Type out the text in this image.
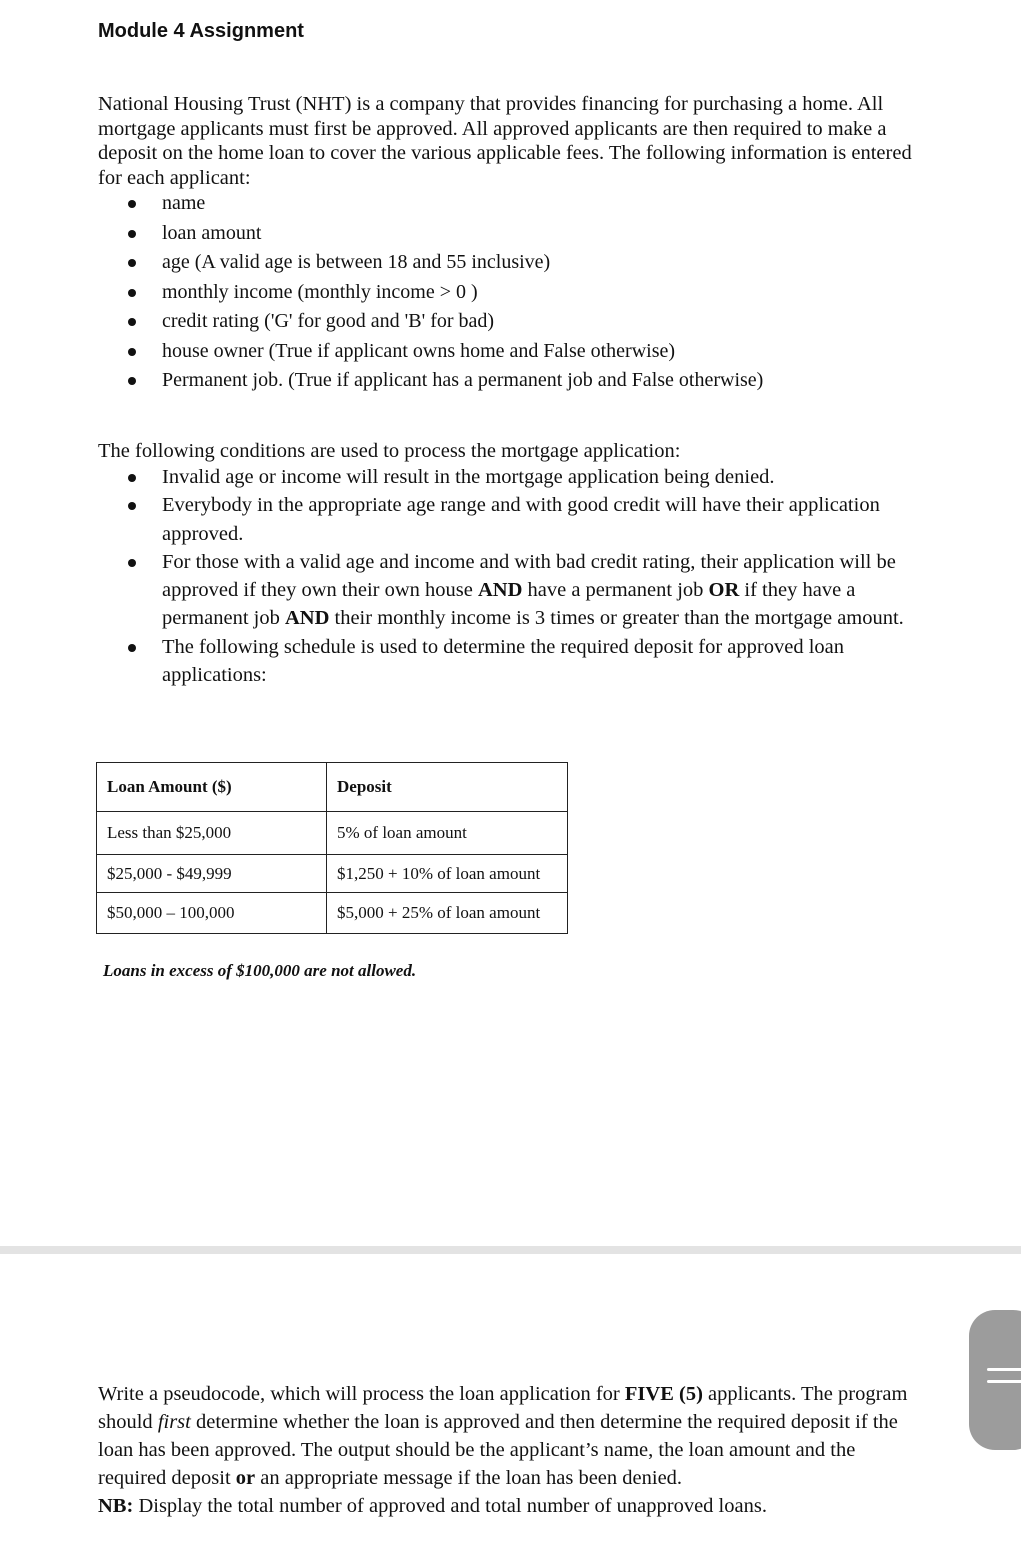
Module 4 Assignment
National Housing Trust (NHT) is a company that provides financing for purchasing a home. All mortgage applicants must first be approved. All approved applicants are then required to make a deposit on the home loan to cover the various applicable fees. The following information is entered for each applicant:
name
loan amount
age (A valid age is between 18 and 55 inclusive)
monthly income (monthly income > 0 )
credit rating ('G' for good and 'B' for bad)
house owner (True if applicant owns home and False otherwise)
Permanent job. (True if applicant has a permanent job and False otherwise)
The following conditions are used to process the mortgage application:
Invalid age or income will result in the mortgage application being denied.
Everybody in the appropriate age range and with good credit will have their application approved.
For those with a valid age and income and with bad credit rating, their application will be approved if they own their own house AND have a permanent job OR if they have a permanent job AND their monthly income is 3 times or greater than the mortgage amount.
The following schedule is used to determine the required deposit for approved loan applications:
Loan Amount ($)	Deposit
Less than $25,000	5% of loan amount
$25,000 - $49,999	$1,250 + 10% of loan amount
$50,000 – 100,000	$5,000 + 25% of loan amount
Loans in excess of $100,000 are not allowed.
Write a pseudocode, which will process the loan application for FIVE (5) applicants. The program should first determine whether the loan is approved and then determine the required deposit if the loan has been approved. The output should be the applicant’s name, the loan amount and the required deposit or an appropriate message if the loan has been denied.
NB: Display the total number of approved and total number of unapproved loans.
